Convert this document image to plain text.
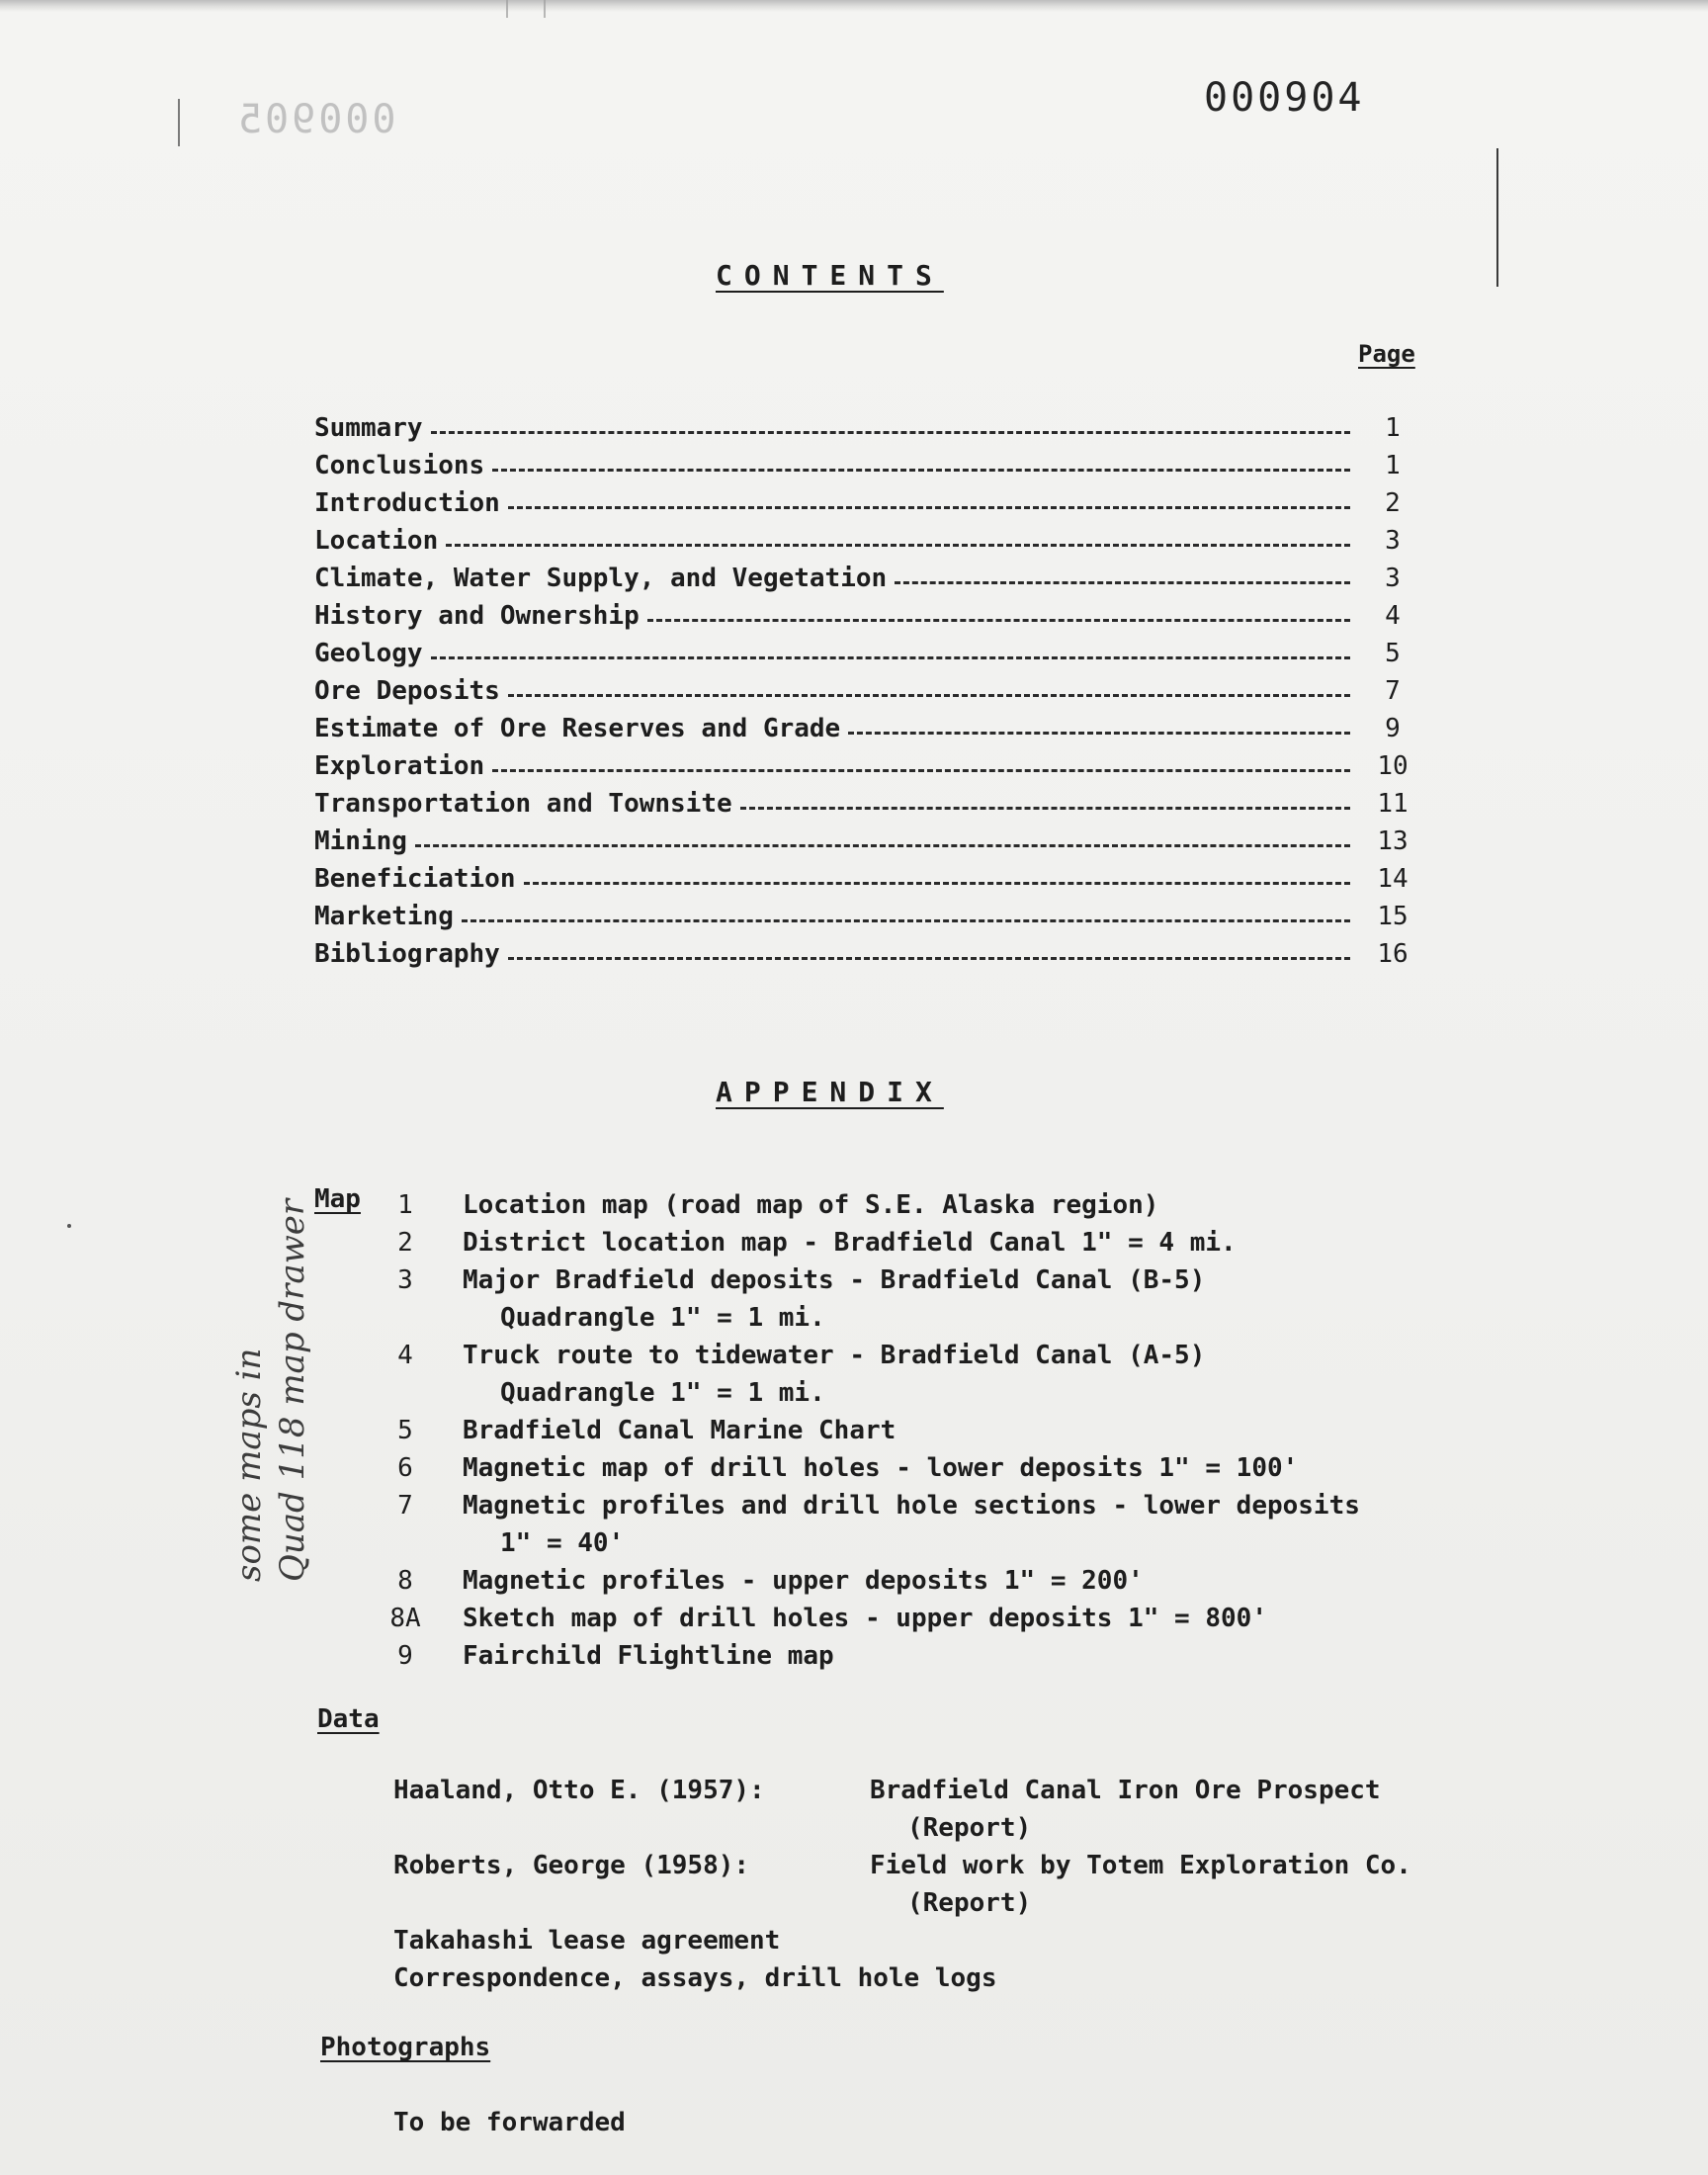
000905	000904
CONTENTS
Page
Summary	1
Conclusions	1
Introduction	2
Location	3
Climate, Water Supply, and Vegetation	3
History and Ownership	4
Geology	5
Ore Deposits	7
Estimate of Ore Reserves and Grade	9
Exploration	10
Transportation and Townsite	11
Mining	13
Beneficiation	14
Marketing	15
Bibliography	16
APPENDIX
Map	1	Location map (road map of S.E. Alaska region)
2	District location map - Bradfield Canal 1" = 4 mi.
3	Major Bradfield deposits - Bradfield Canal (B-5)
Quadrangle 1" = 1 mi.
4	Truck route to tidewater - Bradfield Canal (A-5)
Quadrangle 1" = 1 mi.
5	Bradfield Canal Marine Chart
6	Magnetic map of drill holes - lower deposits 1" = 100'
7	Magnetic profiles and drill hole sections - lower deposits
1" = 40'
8	Magnetic profiles - upper deposits 1" = 200'
8A Sketch map of drill holes - upper deposits 1" = 800'
9	Fairchild Flightline map
Data
Haaland, Otto E. (1957):	Bradfield Canal Iron Ore Prospect
(Report)
Roberts, George (1958):	Field work by Totem Exploration Co.
(Report)
Takahashi lease agreement
Correspondence, assays, drill hole logs
Photographs
To be forwarded
some maps in Quad 118 map drawer
